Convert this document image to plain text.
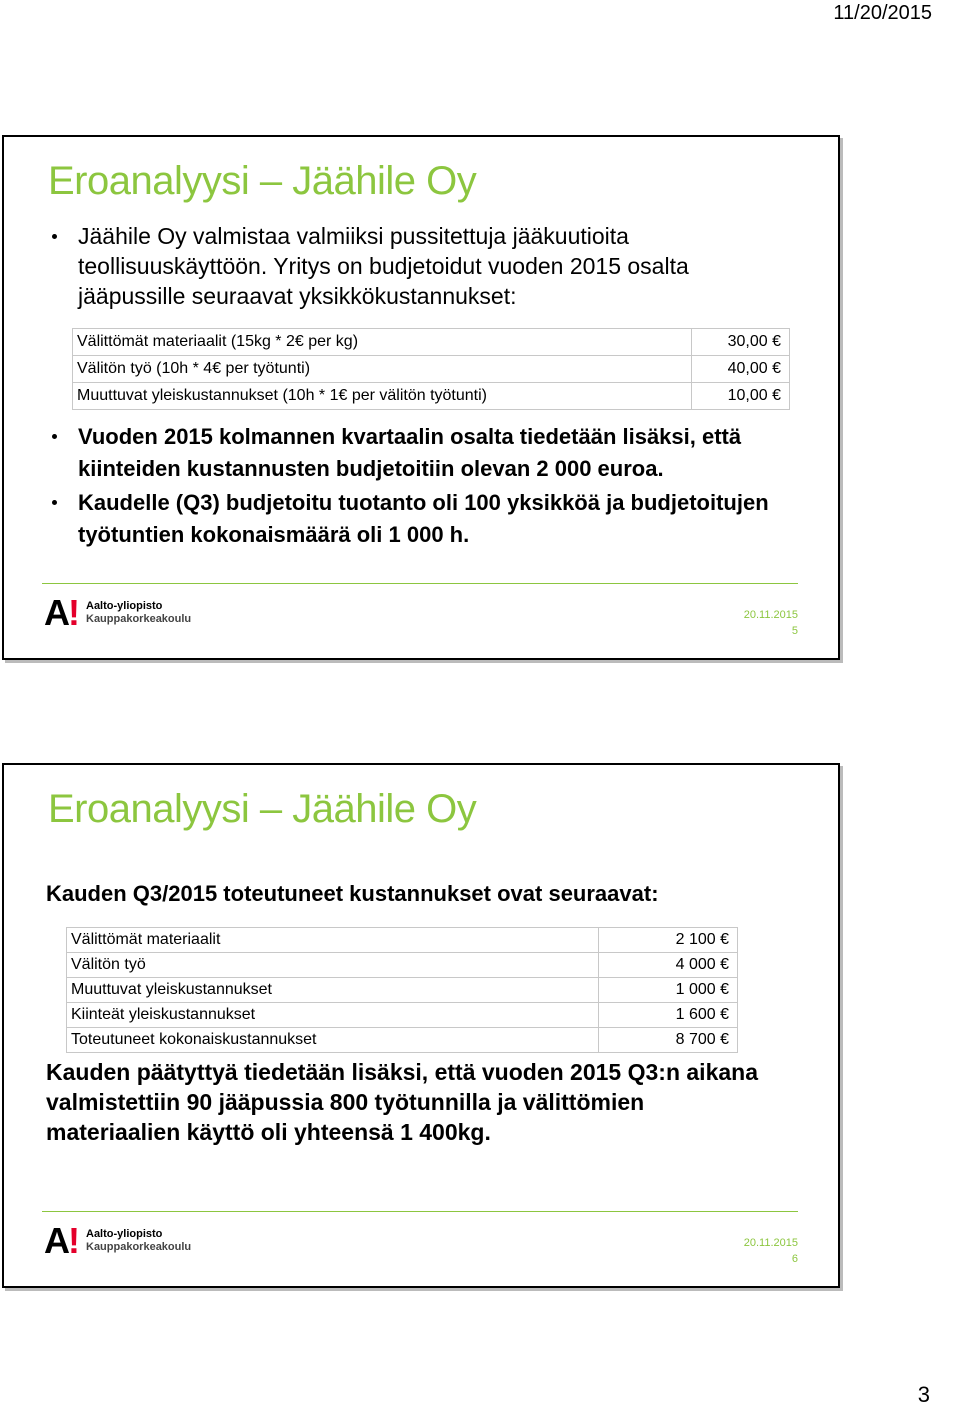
11/20/2015
Eroanalyysi – Jäähile Oy
Jäähile Oy valmistaa valmiiksi pussitettuja jääkuutioita teollisuuskäyttöön. Yritys on budjetoidut vuoden 2015 osalta jääpussille seuraavat yksikkökustannukset:
Välittömät materiaalit (15kg * 2€ per kg)	30,00 €
Välitön työ (10h * 4€ per työtunti)	40,00 €
Muuttuvat yleiskustannukset (10h * 1€ per välitön työtunti)	10,00 €
Vuoden 2015 kolmannen kvartaalin osalta tiedetään lisäksi, että kiinteiden kustannusten budjetoitiin olevan 2 000 euroa.
Kaudelle (Q3) budjetoitu tuotanto oli 100 yksikköä ja budjetoitujen työtuntien kokonaismäärä oli 1 000 h.
A! Aalto-yliopisto
Kauppakorkeakoulu	20.11.2015
5
Eroanalyysi – Jäähile Oy
Kauden Q3/2015 toteutuneet kustannukset ovat seuraavat:
Välittömät materiaalit	2 100 €
Välitön työ	4 000 €
Muuttuvat yleiskustannukset	1 000 €
Kiinteät yleiskustannukset	1 600 €
Toteutuneet kokonaiskustannukset	8 700 €
Kauden päätyttyä tiedetään lisäksi, että vuoden 2015 Q3:n aikana valmistettiin 90 jääpussia 800 työtunnilla ja välittömien materiaalien käyttö oli yhteensä 1 400kg.
A! Aalto-yliopisto
Kauppakorkeakoulu	20.11.2015
6
3
